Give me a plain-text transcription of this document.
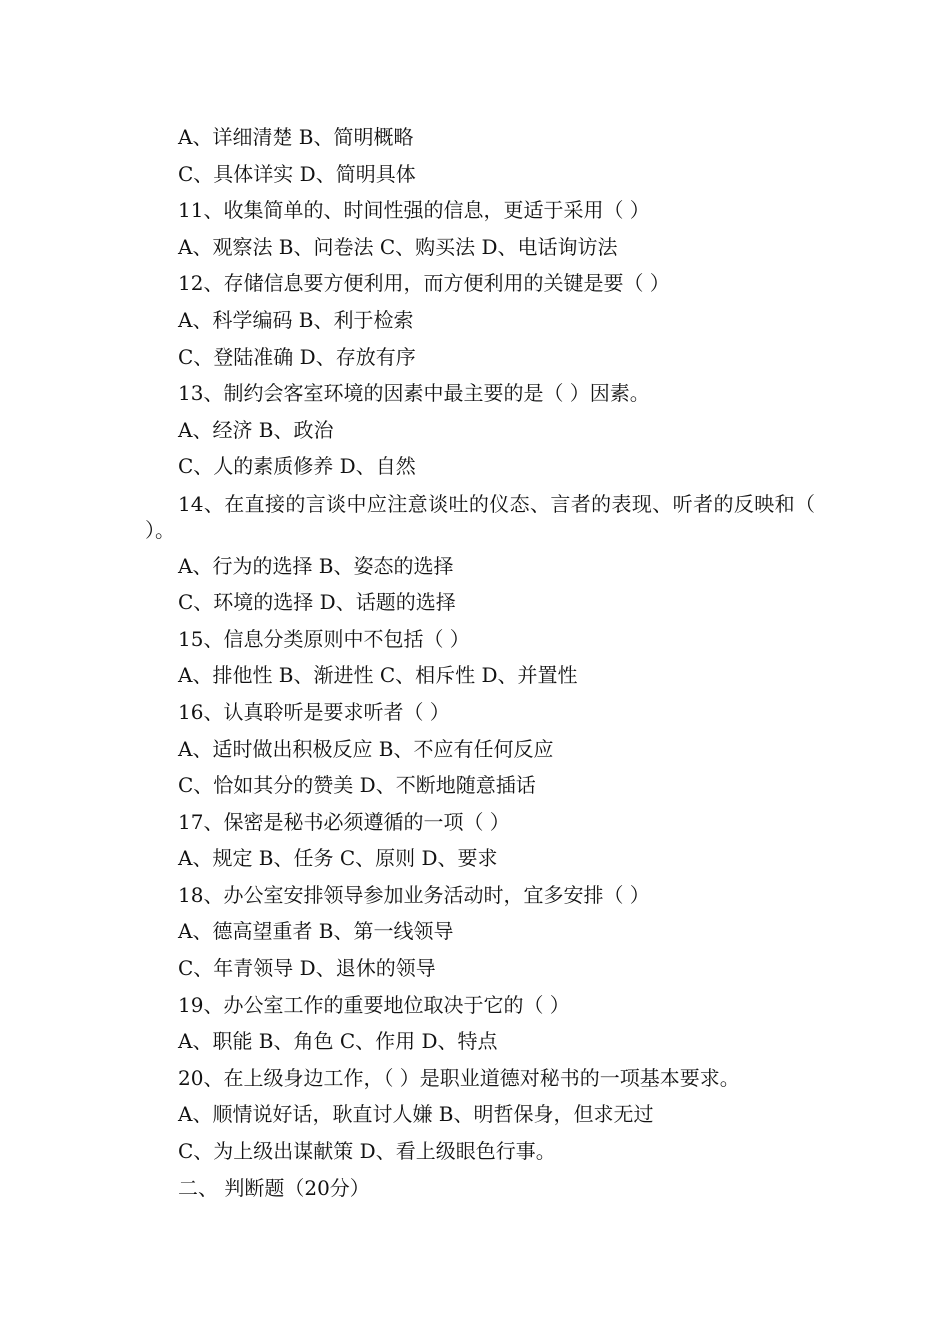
A、详细清楚 B、简明概略
C、具体详实 D、简明具体
11、收集简单的、时间性强的信息，更适于采用（ ）
A、观察法 B、问卷法 C、购买法 D、电话询访法
12、存储信息要方便利用，而方便利用的关键是要（ ）
A、科学编码 B、利于检索
C、登陆准确 D、存放有序
13、制约会客室环境的因素中最主要的是（ ）因素。
A、经济 B、政治
C、人的素质修养 D、自然
14、在直接的言谈中应注意谈吐的仪态、言者的表现、听者的反映和（ ）。
A、行为的选择 B、姿态的选择
C、环境的选择 D、话题的选择
15、信息分类原则中不包括（ ）
A、排他性 B、渐进性 C、相斥性 D、并置性
16、认真聆听是要求听者（ ）
A、适时做出积极反应 B、不应有任何反应
C、恰如其分的赞美 D、不断地随意插话
17、保密是秘书必须遵循的一项（ ）
A、规定 B、任务 C、原则 D、要求
18、办公室安排领导参加业务活动时，宜多安排（ ）
A、德高望重者 B、第一线领导
C、年青领导 D、退休的领导
19、办公室工作的重要地位取决于它的（ ）
A、职能 B、角色 C、作用 D、特点
20、在上级身边工作，（ ）是职业道德对秘书的一项基本要求。
A、顺情说好话，耿直讨人嫌 B、明哲保身，但求无过
C、为上级出谋献策 D、看上级眼色行事。
二、 判断题（20分）
